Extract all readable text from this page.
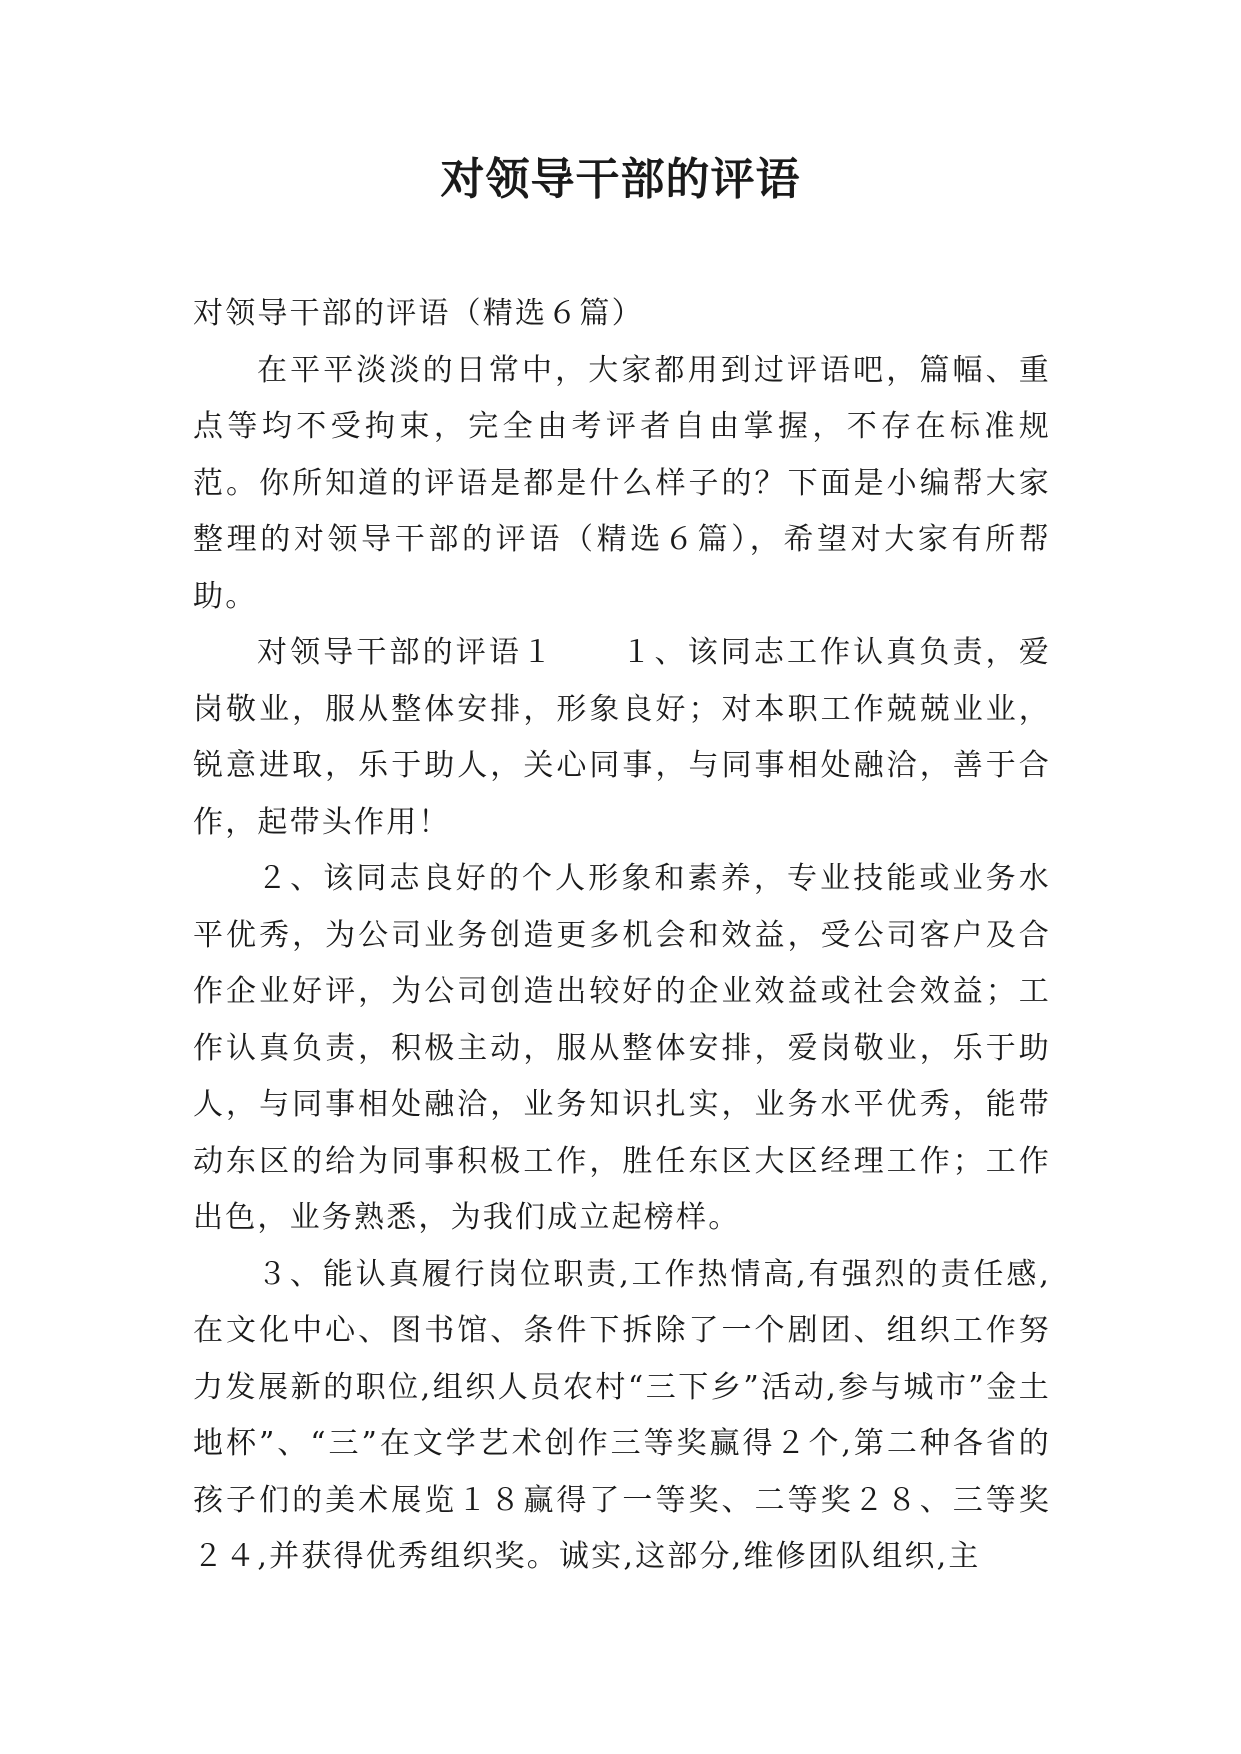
对领导干部的评语

对领导干部的评语（精选６篇）

在平平淡淡的日常中，大家都用到过评语吧，篇幅、重点等均不受拘束，完全由考评者自由掌握，不存在标准规范。你所知道的评语是都是什么样子的？下面是小编帮大家整理的对领导干部的评语（精选６篇），希望对大家有所帮助。

对领导干部的评语１　　１、该同志工作认真负责，爱岗敬业，服从整体安排，形象良好；对本职工作兢兢业业，锐意进取，乐于助人，关心同事，与同事相处融洽，善于合作，起带头作用！

２、该同志良好的个人形象和素养，专业技能或业务水平优秀，为公司业务创造更多机会和效益，受公司客户及合作企业好评，为公司创造出较好的企业效益或社会效益；工作认真负责，积极主动，服从整体安排，爱岗敬业，乐于助人，与同事相处融洽，业务知识扎实，业务水平优秀，能带动东区的给为同事积极工作，胜任东区大区经理工作；工作出色，业务熟悉，为我们成立起榜样。

３、能认真履行岗位职责,工作热情高,有强烈的责任感,在文化中心、图书馆、条件下拆除了一个剧团、组织工作努力发展新的职位,组织人员农村“三下乡”活动,参与城市”金土地杯”、“三”在文学艺术创作三等奖赢得２个,第二种各省的孩子们的美术展览１８赢得了一等奖、二等奖２８、三等奖２４,并获得优秀组织奖。诚实,这部分,维修团队组织,主
